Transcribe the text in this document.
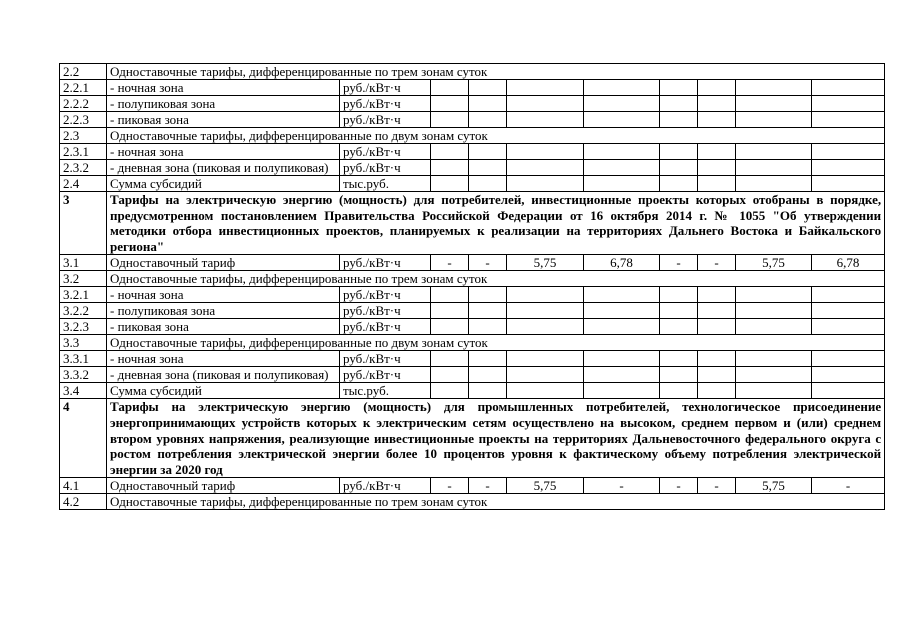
2.2	Одноставочные тарифы, дифференцированные по трем зонам суток									
2.2.1	- ночная зона	руб./кВт·ч								
2.2.2	- полупиковая зона	руб./кВт·ч								
2.2.3	- пиковая зона	руб./кВт·ч								
2.3	Одноставочные тарифы, дифференцированные по двум зонам суток									
2.3.1	- ночная зона	руб./кВт·ч								
2.3.2	- дневная зона (пиковая и полупиковая)	руб./кВт·ч								
2.4	Сумма субсидий	тыс.руб.								
3	Тарифы на электрическую энергию (мощность) для потребителей, инвестиционные проекты которых отобраны в порядке, предусмотренном постановлением Правительства Российской Федерации от 16 октября 2014 г. № 1055 "Об утверждении методики отбора инвестиционных проектов, планируемых к реализации на территориях Дальнего Востока и Байкальского региона"									
3.1	Одноставочный тариф	руб./кВт·ч	-	-	5,75	6,78	-	-	5,75	6,78
3.2	Одноставочные тарифы, дифференцированные по трем зонам суток									
3.2.1	- ночная зона	руб./кВт·ч								
3.2.2	- полупиковая зона	руб./кВт·ч								
3.2.3	- пиковая зона	руб./кВт·ч								
3.3	Одноставочные тарифы, дифференцированные по двум зонам суток									
3.3.1	- ночная зона	руб./кВт·ч								
3.3.2	- дневная зона (пиковая и полупиковая)	руб./кВт·ч								
3.4	Сумма субсидий	тыс.руб.								
4	Тарифы на электрическую энергию (мощность) для промышленных потребителей, технологическое присоединение энергопринимающих устройств которых к электрическим сетям осуществлено на высоком, среднем первом и (или) среднем втором уровнях напряжения, реализующие инвестиционные проекты на территориях Дальневосточного федерального округа с ростом потребления электрической энергии более 10 процентов уровня к фактическому объему потребления электрической энергии за 2020 год									
4.1	Одноставочный тариф	руб./кВт·ч	-	-	5,75	-	-	-	5,75	-
4.2	Одноставочные тарифы, дифференцированные по трем зонам суток									
